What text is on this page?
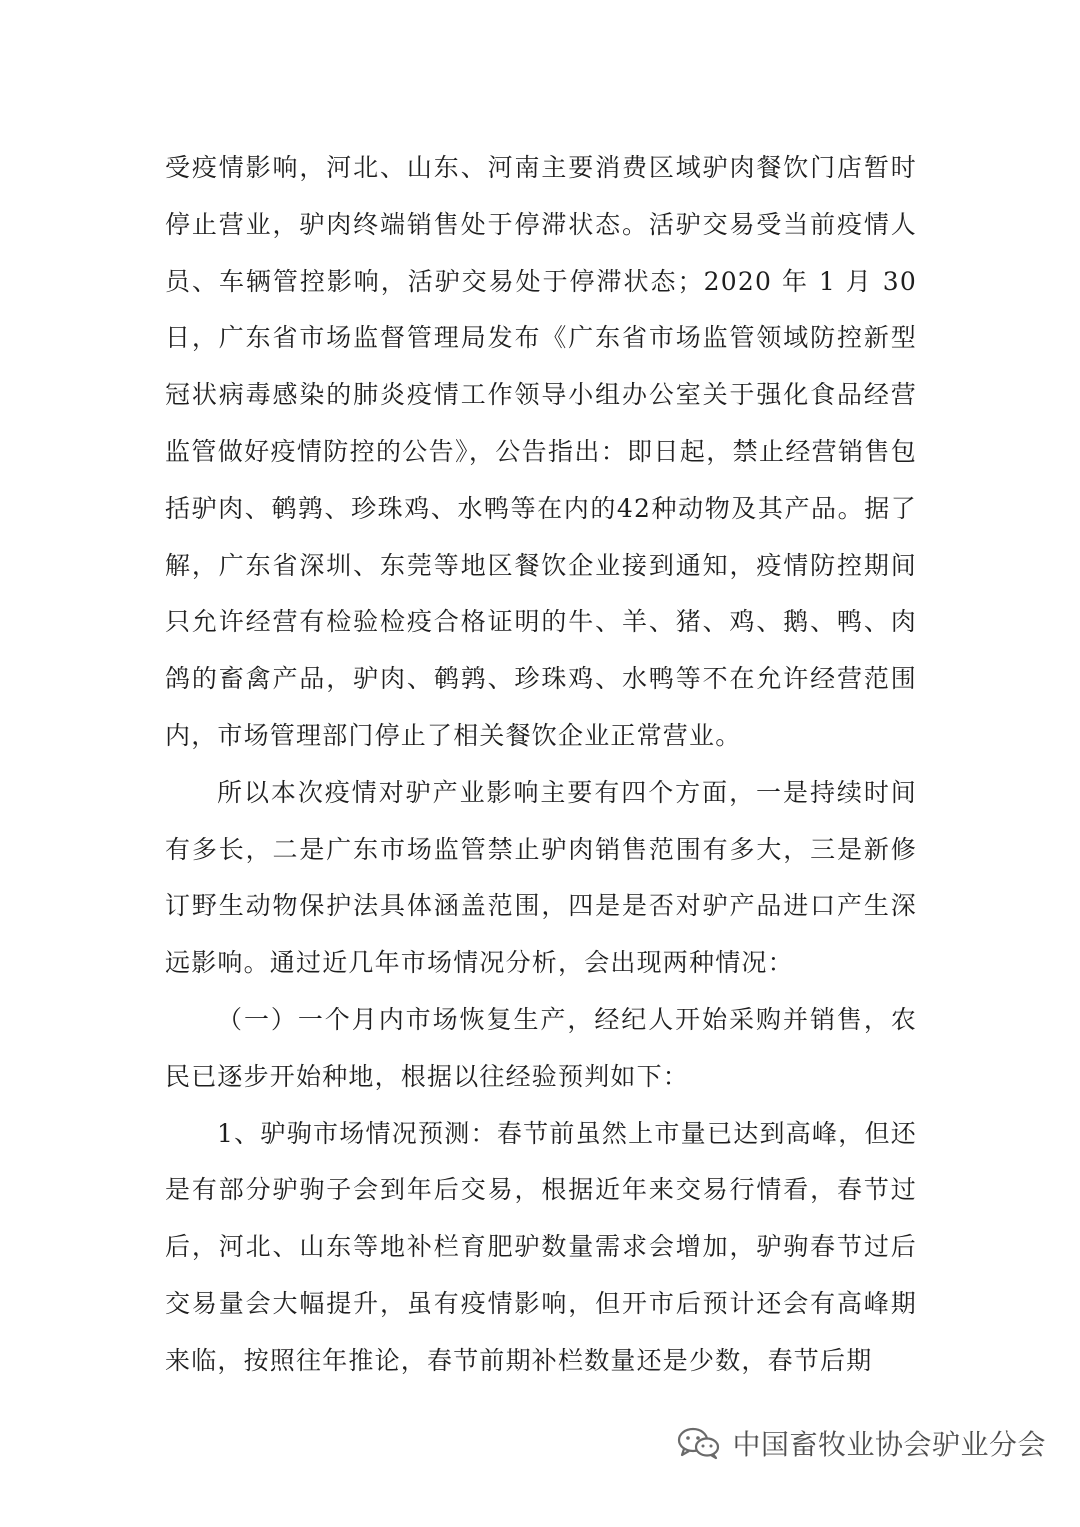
受疫情影响，河北、山东、河南主要消费区域驴肉餐饮门店暂时停止营业，驴肉终端销售处于停滞状态。活驴交易受当前疫情人员、车辆管控影响，活驴交易处于停滞状态；2020 年 1 月 30 日，广东省市场监督管理局发布《广东省市场监管领域防控新型冠状病毒感染的肺炎疫情工作领导小组办公室关于强化食品经营监管做好疫情防控的公告》，公告指出：即日起，禁止经营销售包括驴肉、鹌鹑、珍珠鸡、水鸭等在内的42种动物及其产品。据了解，广东省深圳、东莞等地区餐饮企业接到通知，疫情防控期间只允许经营有检验检疫合格证明的牛、羊、猪、鸡、鹅、鸭、肉鸽的畜禽产品，驴肉、鹌鹑、珍珠鸡、水鸭等不在允许经营范围内，市场管理部门停止了相关餐饮企业正常营业。

所以本次疫情对驴产业影响主要有四个方面，一是持续时间有多长，二是广东市场监管禁止驴肉销售范围有多大，三是新修订野生动物保护法具体涵盖范围，四是是否对驴产品进口产生深远影响。通过近几年市场情况分析，会出现两种情况：

（一）一个月内市场恢复生产，经纪人开始采购并销售，农民已逐步开始种地，根据以往经验预判如下：

1、驴驹市场情况预测：春节前虽然上市量已达到高峰，但还是有部分驴驹子会到年后交易，根据近年来交易行情看，春节过后，河北、山东等地补栏育肥驴数量需求会增加，驴驹春节过后交易量会大幅提升，虽有疫情影响，但开市后预计还会有高峰期来临，按照往年推论，春节前期补栏数量还是少数，春节后期

中国畜牧业协会驴业分会
